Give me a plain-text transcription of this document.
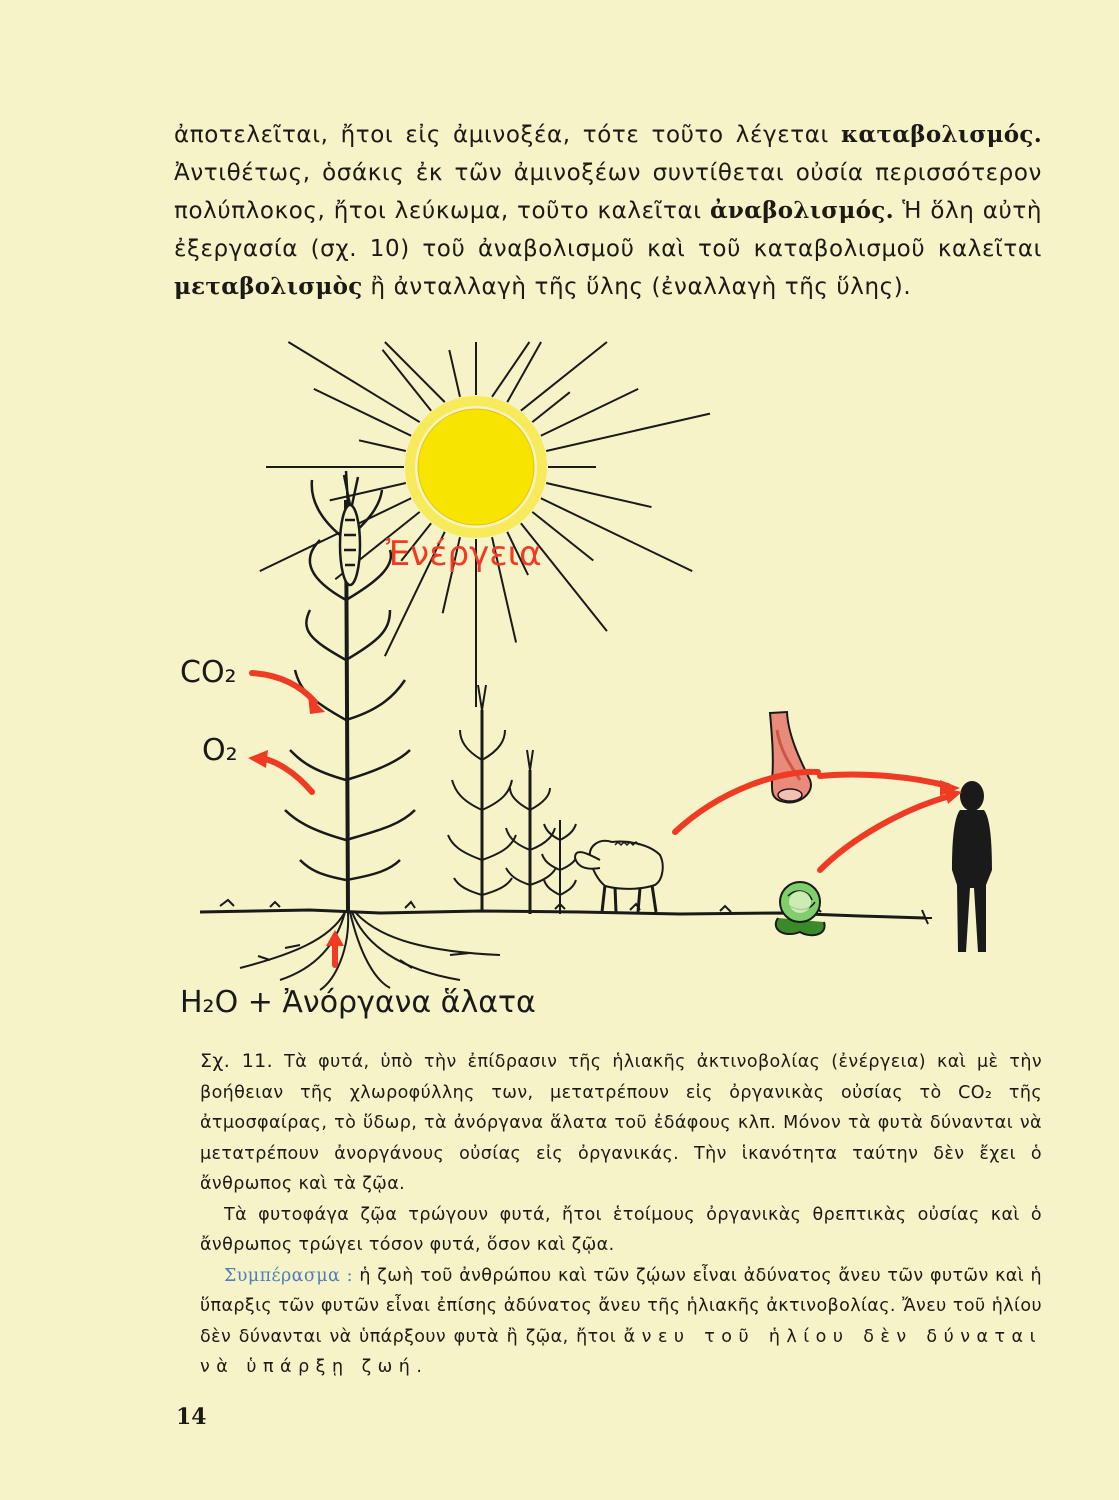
ἀποτελεῖται, ἤτοι εἰς ἀμινοξέα, τότε τοῦτο λέγεται καταβολισμός. Ἀντιθέτως, ὁσάκις ἐκ τῶν ἀμινοξέων συντίθεται οὐσία περισσότερον πολύπλοκος, ἤτοι λεύκωμα, τοῦτο καλεῖται ἀναβολισμός. Ἡ ὅλη αὐτὴ ἐξεργασία (σχ. 10) τοῦ ἀναβολισμοῦ καὶ τοῦ καταβολισμοῦ καλεῖται μεταβολισμὸς ἢ ἀνταλλαγὴ τῆς ὕλης (ἐναλλαγὴ τῆς ὕλης).
Ἐνέργεια
CO₂
O₂
H₂O + Ἀνόργανα ἅλατα

Σχ. 11. Τὰ φυτά, ὑπὸ τὴν ἐπίδρασιν τῆς ἡλιακῆς ἀκτινοβολίας (ἐνέργεια) καὶ μὲ τὴν βοήθειαν τῆς χλωροφύλλης των, μετατρέπουν εἰς ὀργανικὰς οὐσίας τὸ CO₂ τῆς ἀτμοσφαίρας, τὸ ὕδωρ, τὰ ἀνόργανα ἅλατα τοῦ ἐδάφους κλπ. Μόνον τὰ φυτὰ δύνανται νὰ μετατρέπουν ἀνοργάνους οὐσίας εἰς ὀργανικάς. Τὴν ἱκανότητα ταύτην δὲν ἔχει ὁ ἄνθρωπος καὶ τὰ ζῷα.

Τὰ φυτοφάγα ζῷα τρώγουν φυτά, ἤτοι ἑτοίμους ὀργανικὰς θρεπτικὰς οὐσίας καὶ ὁ ἄνθρωπος τρώγει τόσον φυτά, ὅσον καὶ ζῷα.

Συμπέρασμα : ἡ ζωὴ τοῦ ἀνθρώπου καὶ τῶν ζῴων εἶναι ἀδύνατος ἄνευ τῶν φυτῶν καὶ ἡ ὕπαρξις τῶν φυτῶν εἶναι ἐπίσης ἀδύνατος ἄνευ τῆς ἡλιακῆς ἀκτινοβολίας. Ἄνευ τοῦ ἡλίου δὲν δύνανται νὰ ὑπάρξουν φυτὰ ἢ ζῷα, ἤτοι ἄνευ τοῦ ἡλίου δὲν δύναται νὰ ὑπάρξῃ ζωή.

14
